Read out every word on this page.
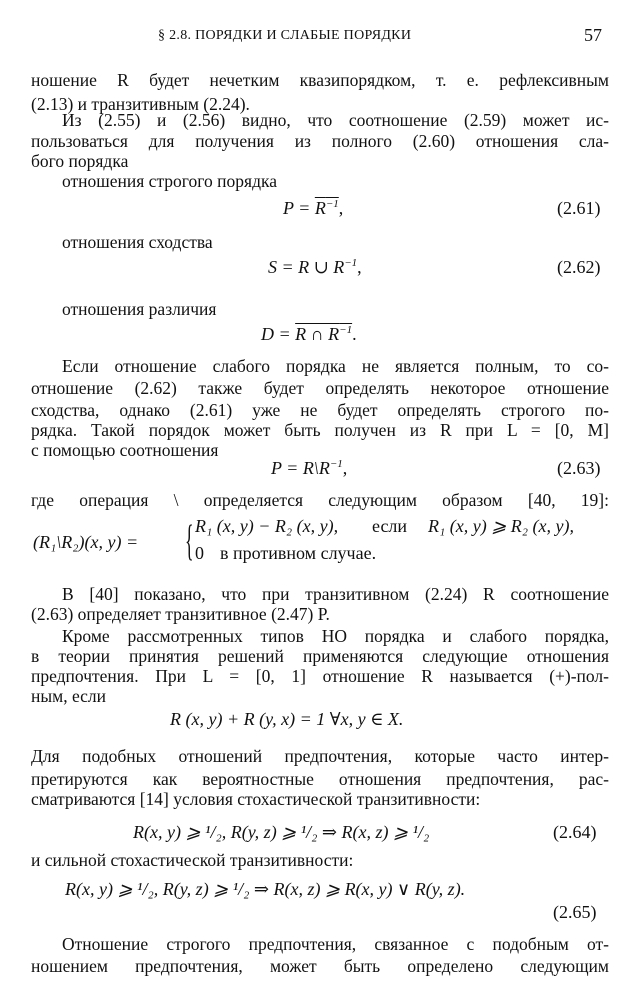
§ 2.8. ПОРЯДКИ И СЛАБЫЕ ПОРЯДКИ	57
ношение R будет нечетким квазипорядком, т. е. рефлексивным
(2.13) и транзитивным (2.24).
Из (2.55) и (2.56) видно, что соотношение (2.59) может ис-
пользоваться для получения из полного (2.60) отношения сла-
бого порядка
отношения строгого порядка
$P = R^{-1}$,	(2.61)
отношения сходства
S = R ∪ $R^{-1}$,	(2.62)
отношения различия
D = R ∩ $R^{-1}$.
Если отношение слабого порядка не является полным, то со-
отношение (2.62) также будет определять некоторое отношение
сходства, однако (2.61) уже не будет определять строгого по-
рядка. Такой порядок может быть получен из R при L = [0, M]
с помощью соотношения
$P = R\backslash R^{-1}$,	(2.63)
где операция \ определяется следующим образом [40, 19]:
(R₁\R₂)(x, y) =	{ R₁ (x, y) − R₂ (x, y), если R₁ (x, y) ⩾ R₂ (x, y),
0 в противном случае.
В [40] показано, что при транзитивном (2.24) R соотношение
(2.63) определяет транзитивное (2.47) P.
Кроме рассмотренных типов НО порядка и слабого порядка,
в теории принятия решений применяются следующие отношения
предпочтения. При L = [0, 1] отношение R называется (+)-пол-
ным, если
R (x, y) + R (y, x) = 1 ∀x, y ∈ X.
Для подобных отношений предпочтения, которые часто интер-
претируются как вероятностные отношения предпочтения, рас-
сматриваются [14] условия стохастической транзитивности:
R(x, y) ⩾ ¹/₂, R(y, z) ⩾ ¹/₂ ⇒ R(x, z) ⩾ ¹/₂	(2.64)
и сильной стохастической транзитивности:
R(x, y) ⩾ ¹/₂, R(y, z) ⩾ ¹/₂ ⇒ R(x, z) ⩾ R(x, y) ∨ R(y, z).
(2.65)
Отношение строгого предпочтения, связанное с подобным от-
ношением предпочтения, может быть определено следующим
